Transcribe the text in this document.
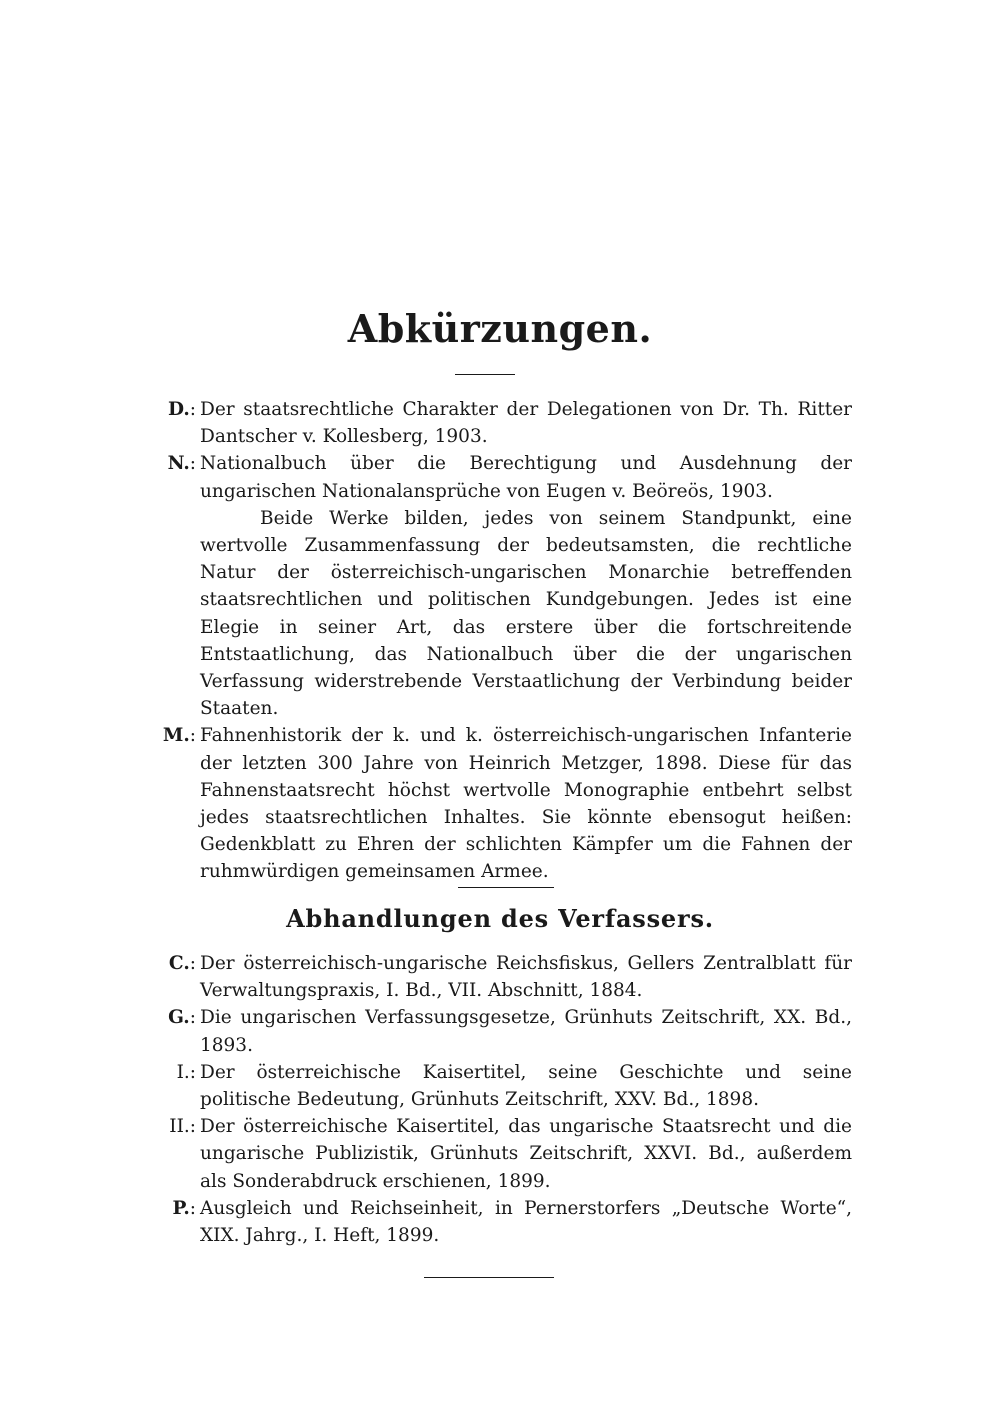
Abkürzungen.
D.: Der staatsrechtliche Charakter der Delegationen von Dr. Th. Ritter Dantscher v. Kollesberg, 1903.

N.: Nationalbuch über die Berechtigung und Ausdehnung der ungarischen Nationalansprüche von Eugen v. Beöreös, 1903.

Beide Werke bilden, jedes von seinem Standpunkt, eine wertvolle Zusammenfassung der bedeutsamsten, die rechtliche Natur der österreichisch-ungarischen Monarchie betreffenden staatsrechtlichen und politischen Kundgebungen. Jedes ist eine Elegie in seiner Art, das erstere über die fortschreitende Entstaatlichung, das Nationalbuch über die der ungarischen Verfassung widerstrebende Verstaatlichung der Verbindung beider Staaten.

M.: Fahnenhistorik der k. und k. österreichisch-ungarischen Infanterie der letzten 300 Jahre von Heinrich Metzger, 1898. Diese für das Fahnenstaatsrecht höchst wertvolle Monographie entbehrt selbst jedes staatsrechtlichen Inhaltes. Sie könnte ebensogut heißen: Gedenkblatt zu Ehren der schlichten Kämpfer um die Fahnen der ruhmwürdigen gemeinsamen Armee.

Abhandlungen des Verfassers.
C.: Der österreichisch-ungarische Reichsfiskus, Gellers Zentralblatt für Verwaltungspraxis, I. Bd., VII. Abschnitt, 1884.

G.: Die ungarischen Verfassungsgesetze, Grünhuts Zeitschrift, XX. Bd., 1893.

I.: Der österreichische Kaisertitel, seine Geschichte und seine politische Bedeutung, Grünhuts Zeitschrift, XXV. Bd., 1898.

II.: Der österreichische Kaisertitel, das ungarische Staatsrecht und die ungarische Publizistik, Grünhuts Zeitschrift, XXVI. Bd., außerdem als Sonderabdruck erschienen, 1899.

P.: Ausgleich und Reichseinheit, in Pernerstorfers „Deutsche Worte“, XIX. Jahrg., I. Heft, 1899.
